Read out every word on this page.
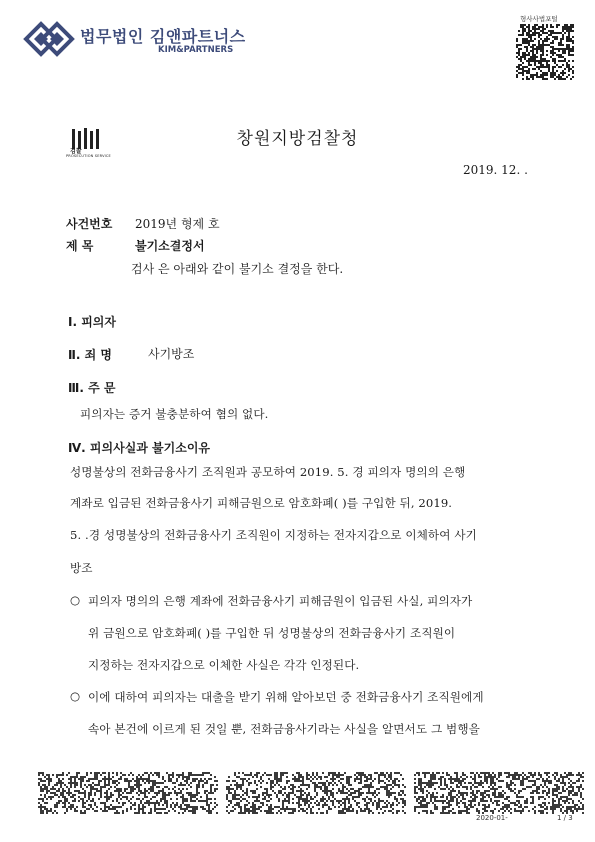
법무법인 김앤파트너스
KIM&PARTNERS
형사사법포털
검찰
PROSECUTION SERVICE
창원지방검찰청
2019. 12. .
사건번호 2019년 형제 호
제 목	불기소결정서
검사 은 아래와 같이 불기소 결정을 한다.
Ⅰ. 피의자
Ⅱ. 죄 명	사기방조
Ⅲ. 주 문
피의자는 증거 불충분하여 혐의 없다.
Ⅳ. 피의사실과 불기소이유
성명불상의 전화금융사기 조직원과 공모하여 2019. 5. 경 피의자 명의의 은행
계좌로 입금된 전화금융사기 피해금원으로 암호화폐( )를 구입한 뒤, 2019.
5. .경 성명불상의 전화금융사기 조직원이 지정하는 전자지갑으로 이체하여 사기
방조
○ 피의자 명의의 은행 계좌에 전화금융사기 피해금원이 입금된 사실, 피의자가
위 금원으로 암호화폐( )를 구입한 뒤 성명불상의 전화금융사기 조직원이
지정하는 전자지갑으로 이체한 사실은 각각 인정된다.
○ 이에 대하여 피의자는 대출을 받기 위해 알아보던 중 전화금융사기 조직원에게
속아 본건에 이르게 된 것일 뿐, 전화금융사기라는 사실을 알면서도 그 범행을
2020-01-	1 / 3
